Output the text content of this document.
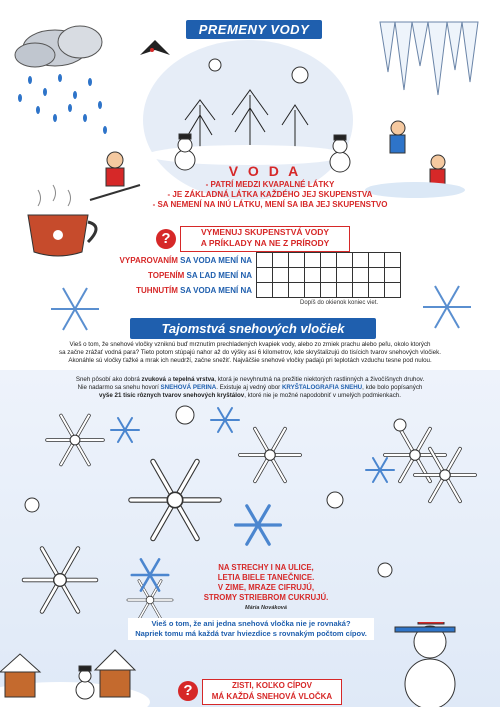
PREMENY VODY
V O D A
- PATRÍ MEDZI KVAPALNÉ LÁTKY
- JE ZÁKLADNÁ LÁTKA KAŽDÉHO JEJ SKUPENSTVA
- SA NEMENÍ NA INÚ LÁTKU, MENÍ SA IBA JEJ SKUPENSTVO
?	VYMENUJ SKUPENSTVÁ VODY
A PRÍKLADY NA NE Z PRÍRODY
VYPAROVANÍM SA VODA MENÍ NA
TOPENÍM SA ĽAD MENÍ NA
TUHNUTÍM SA VODA MENÍ NA
Dopíš do okienok koniec viet.
Tajomstvá snehových vločiek
Vieš o tom, že snehové vločky vzniknú buď mrznutím prechladených kvapiek vody, alebo zo zrniek prachu alebo peľu, okolo ktorých
sa začne zrážať vodná para? Tieto potom stúpajú nahor až do výšky asi 6 kilometrov, kde skryštalizujú do tisícich tvarov snehových vločiek.
Akonáhle sú vločky ťažké a mrak ich neudrží, začne snežiť. Najväčšie snehové vločky padajú pri teplotách vzduchu tesne pod nulou.
Sneh pôsobí ako dobrá zvuková a tepelná vrstva, ktorá je nevyhnutná na prežitie niektorých rastlinných a živočíšnych druhov.
Nie nadarmo sa snehu hovorí SNEHOVÁ PERINA. Existuje aj vedný obor KRYŠTALOGRAFIA SNEHU, kde bolo popísaných
vyše 21 tisíc rôznych tvarov snehových kryštálov, ktoré nie je možné napodobniť v umelých podmienkach.
NA STRECHY I NA ULICE,
LETIA BIELE TANEČNICE.
V ZIME, MRAZE CIFRUJÚ,
STROMY STRIEBROM CUKRUJÚ.
Mária Nováková
Vieš o tom, že ani jedna snehová vločka nie je rovnaká?
Napriek tomu má každá tvar hviezdice s rovnakým počtom cípov.
?	ZISTI, KOĽKO CÍPOV
MÁ KAŽDÁ SNEHOVÁ VLOČKA
